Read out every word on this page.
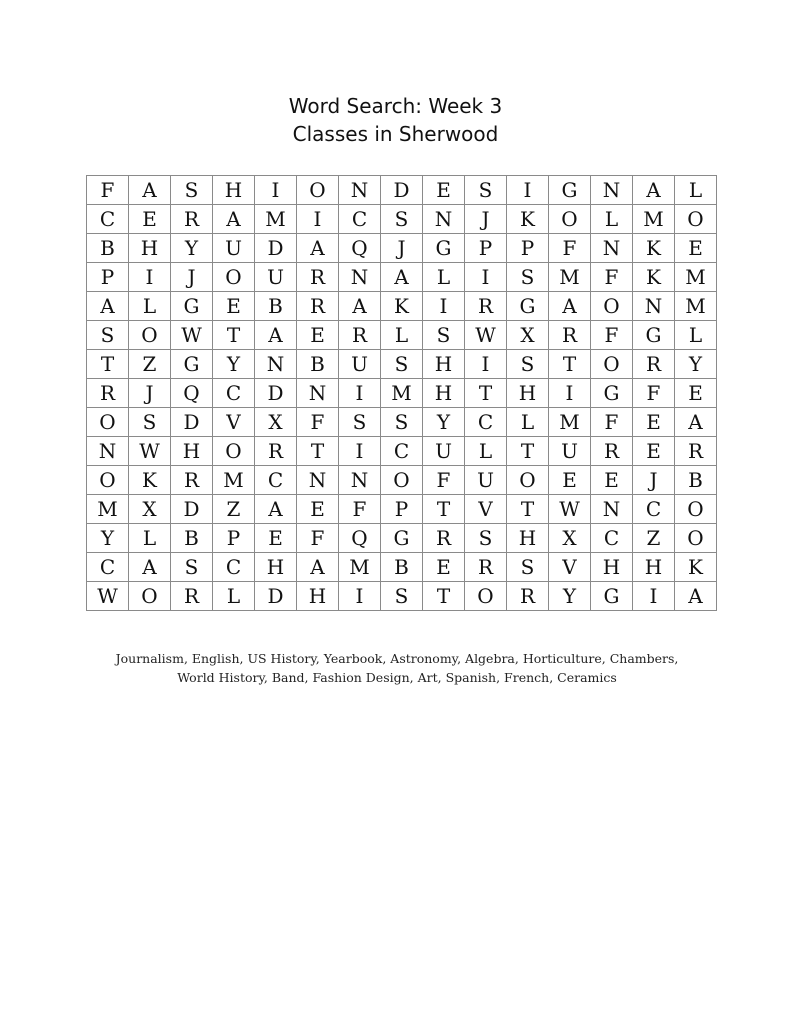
Word Search: Week 3
Classes in Sherwood
F	A	S	H	I	O	N	D	E	S	I	G	N	A	L
C	E	R	A	M	I	C	S	N	J	K	O	L	M	O
B	H	Y	U	D	A	Q	J	G	P	P	F	N	K	E
P	I	J	O	U	R	N	A	L	I	S	M	F	K	M
A	L	G	E	B	R	A	K	I	R	G	A	O	N	M
S	O	W	T	A	E	R	L	S	W	X	R	F	G	L
T	Z	G	Y	N	B	U	S	H	I	S	T	O	R	Y
R	J	Q	C	D	N	I	M	H	T	H	I	G	F	E
O	S	D	V	X	F	S	S	Y	C	L	M	F	E	A
N	W	H	O	R	T	I	C	U	L	T	U	R	E	R
O	K	R	M	C	N	N	O	F	U	O	E	E	J	B
M	X	D	Z	A	E	F	P	T	V	T	W	N	C	O
Y	L	B	P	E	F	Q	G	R	S	H	X	C	Z	O
C	A	S	C	H	A	M	B	E	R	S	V	H	H	K
W	O	R	L	D	H	I	S	T	O	R	Y	G	I	A
Journalism, English, US History, Yearbook, Astronomy, Algebra, Horticulture, Chambers,
World History, Band, Fashion Design, Art, Spanish, French, Ceramics
